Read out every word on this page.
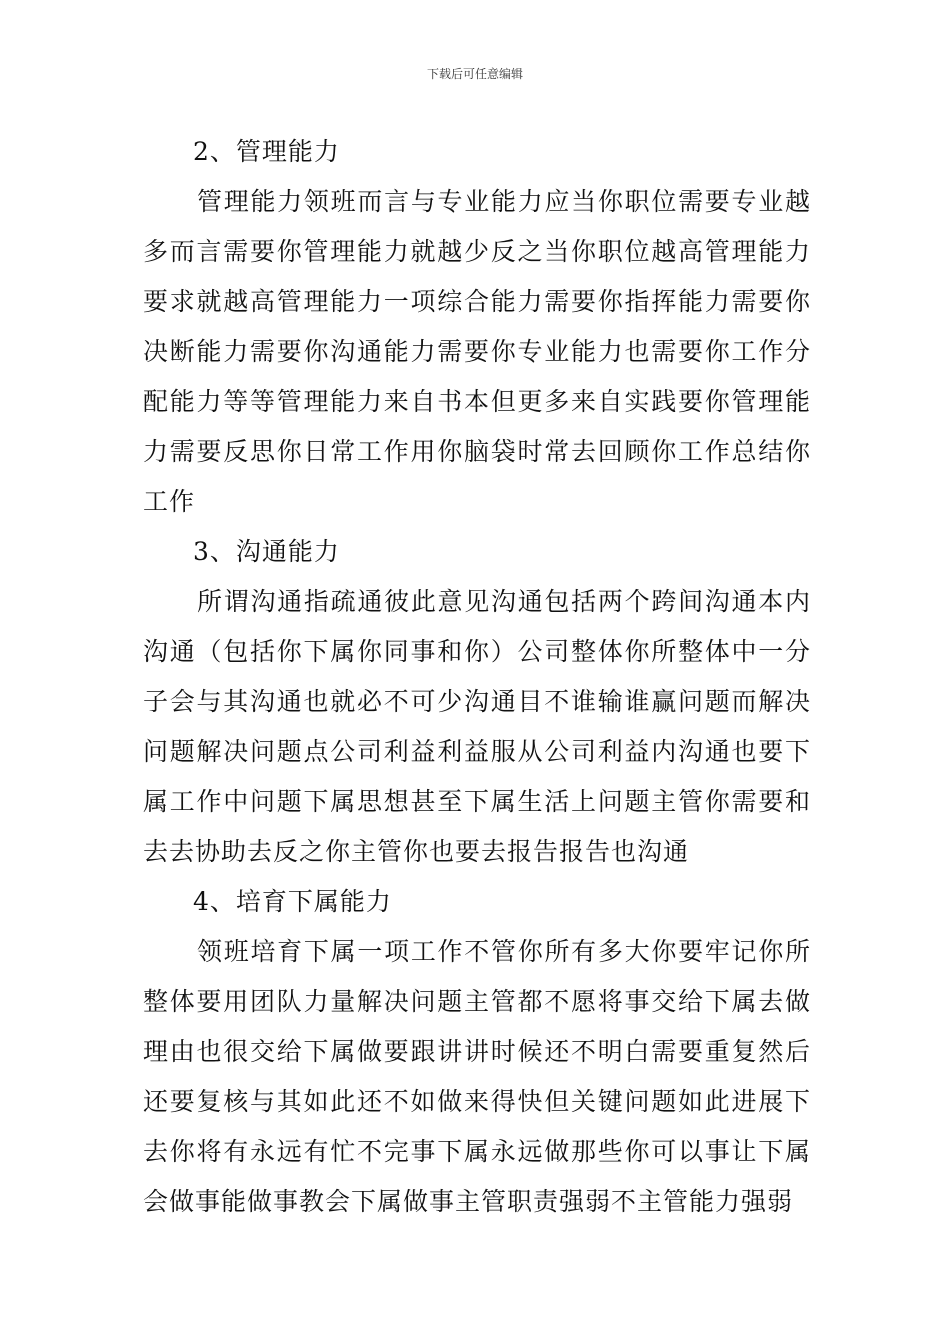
下载后可任意编辑

2、管理能力

管理能力领班而言与专业能力应当你职位需要专业越多而言需要你管理能力就越少反之当你职位越高管理能力要求就越高管理能力一项综合能力需要你指挥能力需要你决断能力需要你沟通能力需要你专业能力也需要你工作分配能力等等管理能力来自书本但更多来自实践要你管理能力需要反思你日常工作用你脑袋时常去回顾你工作总结你工作

3、沟通能力

所谓沟通指疏通彼此意见沟通包括两个跨间沟通本内沟通（包括你下属你同事和你）公司整体你所整体中一分子会与其沟通也就必不可少沟通目不谁输谁赢问题而解决问题解决问题点公司利益利益服从公司利益内沟通也要下属工作中问题下属思想甚至下属生活上问题主管你需要和去去协助去反之你主管你也要去报告报告也沟通

4、培育下属能力

领班培育下属一项工作不管你所有多大你要牢记你所整体要用团队力量解决问题主管都不愿将事交给下属去做理由也很交给下属做要跟讲讲时候还不明白需要重复然后还要复核与其如此还不如做来得快但关键问题如此进展下去你将有永远有忙不完事下属永远做那些你可以事让下属会做事能做事教会下属做事主管职责强弱不主管能力强弱
